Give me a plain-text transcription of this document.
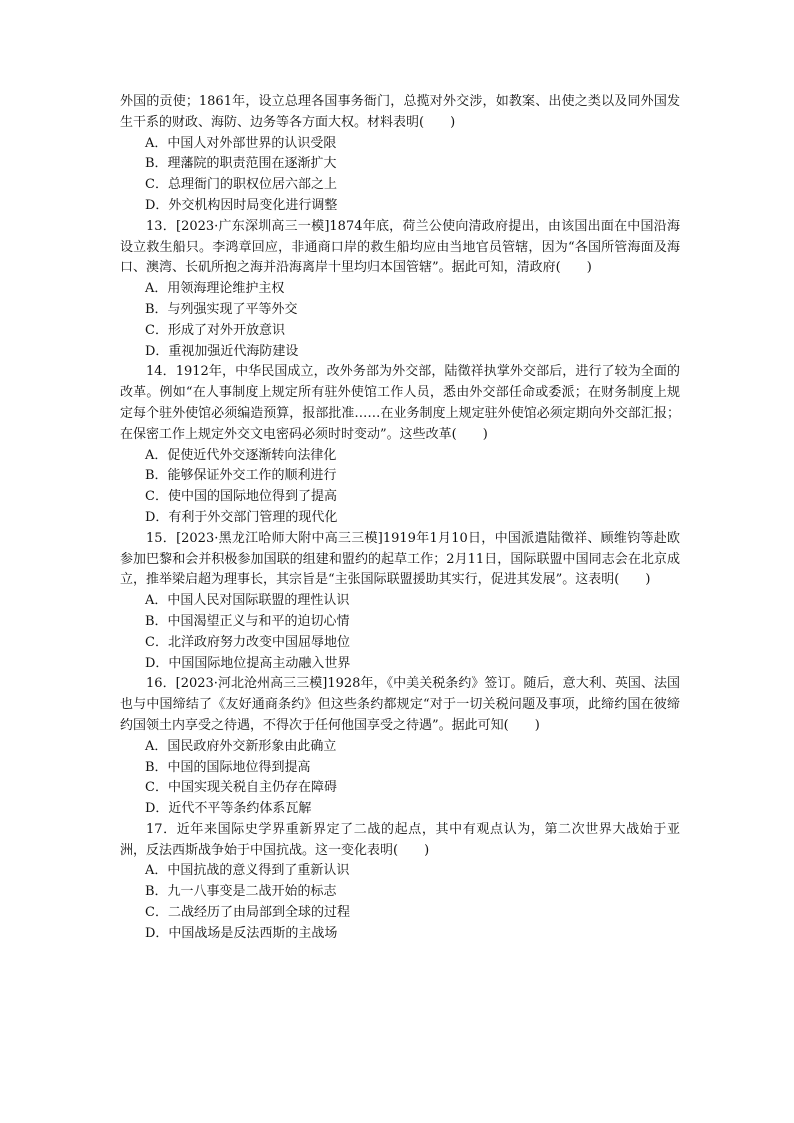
外国的贡使；1861年，设立总理各国事务衙门，总揽对外交涉，如教案、出使之类以及同外国发生干系的财政、海防、边务等各方面大权。材料表明(　　)

A．中国人对外部世界的认识受限
B．理藩院的职责范围在逐渐扩大
C．总理衙门的职权位居六部之上
D．外交机构因时局变化进行调整

13．[2023·广东深圳高三一模]1874年底，荷兰公使向清政府提出，由该国出面在中国沿海设立救生船只。李鸿章回应，非通商口岸的救生船均应由当地官员管辖，因为“各国所管海面及海口、澳湾、长矶所抱之海并沿海离岸十里均归本国管辖”。据此可知，清政府(　　)

A．用领海理论维护主权
B．与列强实现了平等外交
C．形成了对外开放意识
D．重视加强近代海防建设

14．1912年，中华民国成立，改外务部为外交部，陆徵祥执掌外交部后，进行了较为全面的改革。例如“在人事制度上规定所有驻外使馆工作人员，悉由外交部任命或委派；在财务制度上规定每个驻外使馆必须编造预算，报部批准……在业务制度上规定驻外使馆必须定期向外交部汇报；在保密工作上规定外交文电密码必须时时变动”。这些改革(　　)

A．促使近代外交逐渐转向法律化
B．能够保证外交工作的顺利进行
C．使中国的国际地位得到了提高
D．有利于外交部门管理的现代化

15．[2023·黑龙江哈师大附中高三三模]1919年1月10日，中国派遣陆徵祥、顾维钧等赴欧参加巴黎和会并积极参加国联的组建和盟约的起草工作；2月11日，国际联盟中国同志会在北京成立，推举梁启超为理事长，其宗旨是“主张国际联盟援助其实行，促进其发展”。这表明(　　)

A．中国人民对国际联盟的理性认识
B．中国渴望正义与和平的迫切心情
C．北洋政府努力改变中国屈辱地位
D．中国国际地位提高主动融入世界

16．[2023·河北沧州高三三模]1928年，《中美关税条约》签订。随后，意大利、英国、法国也与中国缔结了《友好通商条约》但这些条约都规定“对于一切关税问题及事项，此缔约国在彼缔约国领土内享受之待遇，不得次于任何他国享受之待遇”。据此可知(　　)

A．国民政府外交新形象由此确立
B．中国的国际地位得到提高
C．中国实现关税自主仍存在障碍
D．近代不平等条约体系瓦解

17．近年来国际史学界重新界定了二战的起点，其中有观点认为，第二次世界大战始于亚洲，反法西斯战争始于中国抗战。这一变化表明(　　)

A．中国抗战的意义得到了重新认识
B．九一八事变是二战开始的标志
C．二战经历了由局部到全球的过程
D．中国战场是反法西斯的主战场
